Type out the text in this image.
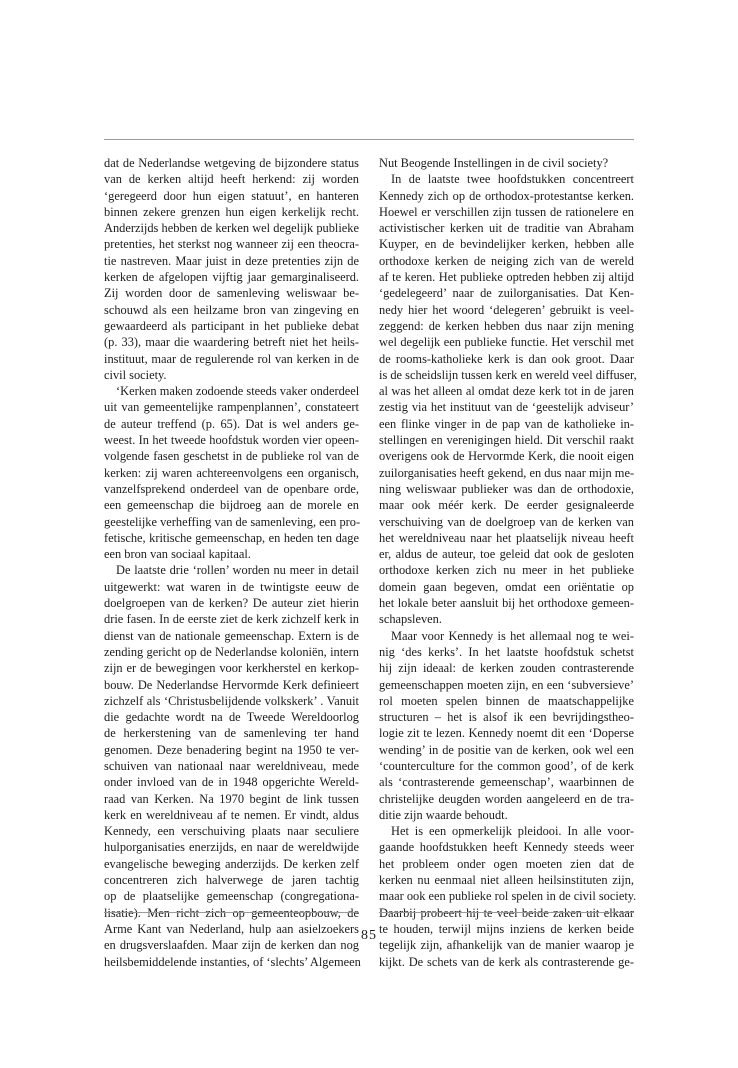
dat de Nederlandse wetgeving de bijzondere status
van de kerken altijd heeft herkend: zij worden
‘geregeerd door hun eigen statuut’, en hanteren
binnen zekere grenzen hun eigen kerkelijk recht.
Anderzijds hebben de kerken wel degelijk publieke
pretenties, het sterkst nog wanneer zij een theocra-
tie nastreven. Maar juist in deze pretenties zijn de
kerken de afgelopen vijftig jaar gemarginaliseerd.
Zij worden door de samenleving weliswaar be-
schouwd als een heilzame bron van zingeving en
gewaardeerd als participant in het publieke debat
(p. 33), maar die waardering betreft niet het heils-
instituut, maar de regulerende rol van kerken in de
civil society.
‘Kerken maken zodoende steeds vaker onderdeel
uit van gemeentelijke rampenplannen’, constateert
de auteur treffend (p. 65). Dat is wel anders ge-
weest. In het tweede hoofdstuk worden vier opeen-
volgende fasen geschetst in de publieke rol van de
kerken: zij waren achtereenvolgens een organisch,
vanzelfsprekend onderdeel van de openbare orde,
een gemeenschap die bijdroeg aan de morele en
geestelijke verheffing van de samenleving, een pro-
fetische, kritische gemeenschap, en heden ten dage
een bron van sociaal kapitaal.
De laatste drie ‘rollen’ worden nu meer in detail
uitgewerkt: wat waren in de twintigste eeuw de
doelgroepen van de kerken? De auteur ziet hierin
drie fasen. In de eerste ziet de kerk zichzelf kerk in
dienst van de nationale gemeenschap. Extern is de
zending gericht op de Nederlandse koloniën, intern
zijn er de bewegingen voor kerkherstel en kerkop-
bouw. De Nederlandse Hervormde Kerk definieert
zichzelf als ‘Christusbelijdende volkskerk’ . Vanuit
die gedachte wordt na de Tweede Wereldoorlog
de herkerstening van de samenleving ter hand
genomen. Deze benadering begint na 1950 te ver-
schuiven van nationaal naar wereldniveau, mede
onder invloed van de in 1948 opgerichte Wereld-
raad van Kerken. Na 1970 begint de link tussen
kerk en wereldniveau af te nemen. Er vindt, aldus
Kennedy, een verschuiving plaats naar seculiere
hulporganisaties enerzijds, en naar de wereldwijde
evangelische beweging anderzijds. De kerken zelf
concentreren zich halverwege de jaren tachtig
op de plaatselijke gemeenschap (congregationa-
lisatie). Men richt zich op gemeenteopbouw, de
Arme Kant van Nederland, hulp aan asielzoekers
en drugsverslaafden. Maar zijn de kerken dan nog
heilsbemiddelende instanties, of ‘slechts’ Algemeen
Nut Beogende Instellingen in de civil society?
In de laatste twee hoofdstukken concentreert
Kennedy zich op de orthodox-protestantse kerken.
Hoewel er verschillen zijn tussen de rationelere en
activistischer kerken uit de traditie van Abraham
Kuyper, en de bevindelijker kerken, hebben alle
orthodoxe kerken de neiging zich van de wereld
af te keren. Het publieke optreden hebben zij altijd
‘gedelegeerd’ naar de zuilorganisaties. Dat Ken-
nedy hier het woord ‘delegeren’ gebruikt is veel-
zeggend: de kerken hebben dus naar zijn mening
wel degelijk een publieke functie. Het verschil met
de rooms-katholieke kerk is dan ook groot. Daar
is de scheidslijn tussen kerk en wereld veel diffuser,
al was het alleen al omdat deze kerk tot in de jaren
zestig via het instituut van de ‘geestelijk adviseur’
een flinke vinger in de pap van de katholieke in-
stellingen en verenigingen hield. Dit verschil raakt
overigens ook de Hervormde Kerk, die nooit eigen
zuilorganisaties heeft gekend, en dus naar mijn me-
ning weliswaar publieker was dan de orthodoxie,
maar ook méér kerk. De eerder gesignaleerde
verschuiving van de doelgroep van de kerken van
het wereldniveau naar het plaatselijk niveau heeft
er, aldus de auteur, toe geleid dat ook de gesloten
orthodoxe kerken zich nu meer in het publieke
domein gaan begeven, omdat een oriëntatie op
het lokale beter aansluit bij het orthodoxe gemeen-
schapsleven.
Maar voor Kennedy is het allemaal nog te wei-
nig ‘des kerks’. In het laatste hoofdstuk schetst
hij zijn ideaal: de kerken zouden contrasterende
gemeenschappen moeten zijn, en een ‘subversieve’
rol moeten spelen binnen de maatschappelijke
structuren – het is alsof ik een bevrijdingstheo-
logie zit te lezen. Kennedy noemt dit een ‘Doperse
wending’ in de positie van de kerken, ook wel een
‘counterculture for the common good’, of de kerk
als ‘contrasterende gemeenschap’, waarbinnen de
christelijke deugden worden aangeleerd en de tra-
ditie zijn waarde behoudt.
Het is een opmerkelijk pleidooi. In alle voor-
gaande hoofdstukken heeft Kennedy steeds weer
het probleem onder ogen moeten zien dat de
kerken nu eenmaal niet alleen heilsinstituten zijn,
maar ook een publieke rol spelen in de civil society.
Daarbij probeert hij te veel beide zaken uit elkaar
te houden, terwijl mijns inziens de kerken beide
tegelijk zijn, afhankelijk van de manier waarop je
kijkt. De schets van de kerk als contrasterende ge-
85
